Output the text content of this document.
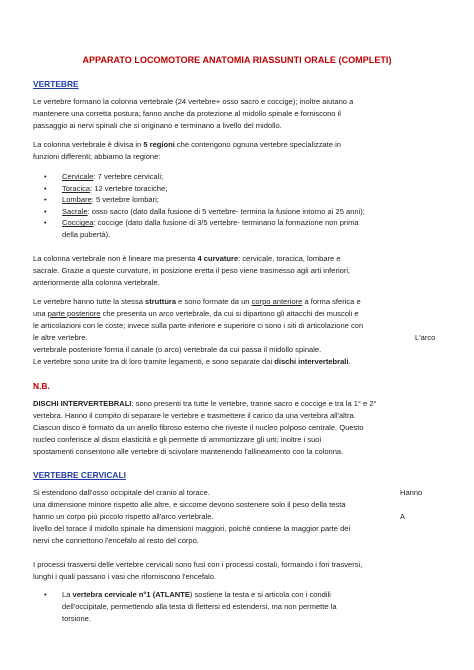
APPARATO LOCOMOTORE ANATOMIA RIASSUNTI ORALE (COMPLETI)
VERTEBRE

Le vertebre formano la colonna vertebrale (24 vertebre+ osso sacro e coccige); inoltre aiutano a

mantenere una corretta postura; fanno anche da protezione al midollo spinale e forniscono il

passaggio ai nervi spinali che si originano e terminano a livello del midollo.

La colonna vertebrale è divisa in 5 regioni che contengono ognuna vertebre specializzate in

funzioni differenti; abbiamo la regione:

• Cervicale: 7 vertebre cervicali;
• Toracica: 12 vertebre toraciche;
• Lombare: 5 vertebre lombari;
• Sacrale: osso sacro (dato dalla fusione di 5 vertebre- termina la fusione intorno ai 25 anni);
• Coccigea: coccige (dato dalla fusione di 3/5 vertebre- terminano la formazione non prima
della pubertà).

La colonna vertebrale non è lineare ma presenta 4 curvature: cervicale, toracica, lombare e

sacrale. Grazie a queste curvature, in posizione eretta il peso viene trasmesso agli arti inferiori,

anteriormente alla colonna vertebrale.

Le vertebre hanno tutte la stessa struttura e sono formate da un corpo anteriore a forma sferica e

una parte posteriore che presenta un arco vertebrale, da cui si dipartono gli attacchi dei muscoli e

le articolazioni con le coste; invece sulla parte inferiore e superiore ci sono i siti di articolazione con

le altre vertebre.	L'arco

vertebrale posteriore forma il canale (o arco) vertebrale da cui passa il midollo spinale.

Le vertebre sono unite tra di loro tramite legamenti, e sono separate dai dischi intervertebrali.

N.B.

DISCHI INTERVERTEBRALI: sono presenti tra tutte le vertebre, tranne sacro e coccige e tra la 1° e 2°

vertebra. Hanno il compito di separare le vertebre e trasmettere il carico da una vertebra all'altra.

Ciascun disco è formato da un anello fibroso esterno che riveste il nucleo polposo centrale. Questo

nucleo conferisce al disco elasticità e gli permette di ammortizzare gli urti; inoltre i suoi

spostamenti consentono alle vertebre di scivolare mantenendo l'allineamento con la colonna.

VERTEBRE CERVICALI

Si estendono dall'osso occipitale del cranio al torace.	Hanno

una dimensione minore rispetto alle altre, e siccome devono sostenere solo il peso della testa

hanno un corpo più piccolo rispetto all'arco vertebrale.	A

livello del torace il midollo spinale ha dimensioni maggiori, poiché contiene la maggior parte dei

nervi che connettono l'encefalo al resto del corpo.

I processi trasversi delle vertebre cervicali sono fusi con i processi costali, formando i fori trasversi,

lunghi i quali passano i vasi che riforniscono l'encefalo.

• La vertebra cervicale n°1 (ATLANTE) sostiene la testa e si articola con i condili
dell'occipitale, permettendo alla testa di flettersi ed estendersi, ma non permette la
torsione.
